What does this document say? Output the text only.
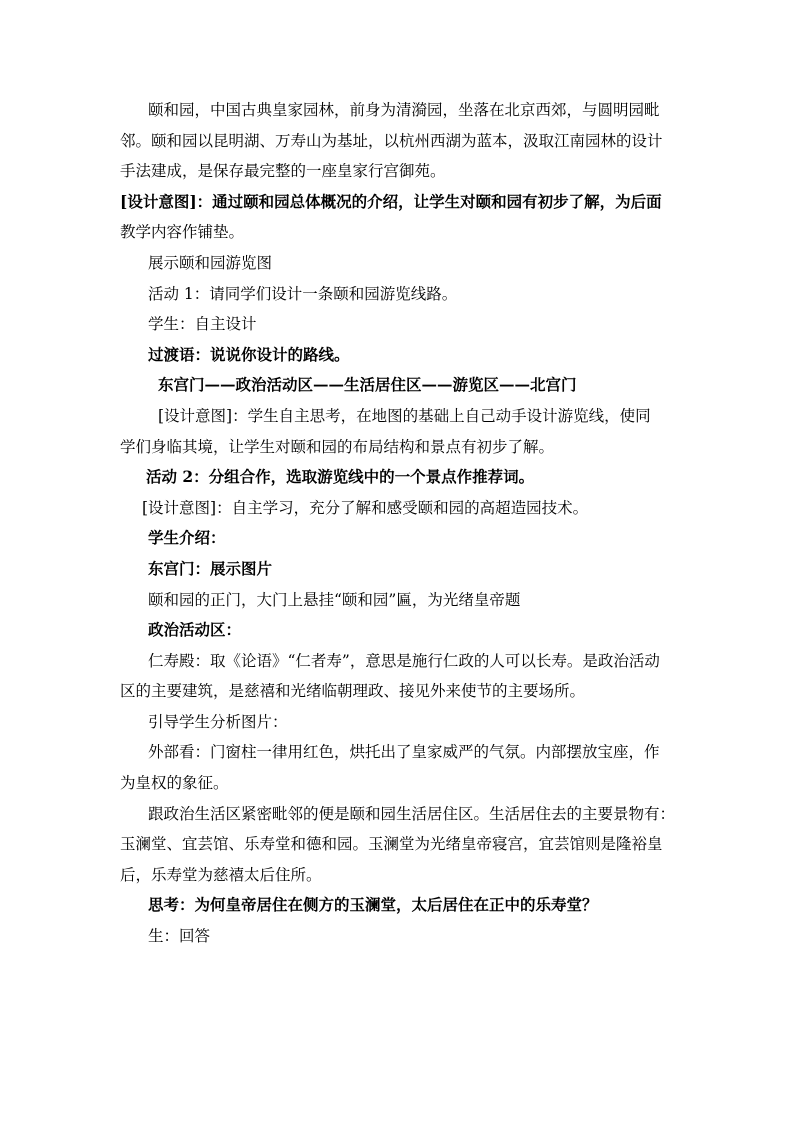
颐和园，中国古典皇家园林，前身为清漪园，坐落在北京西郊，与圆明园毗
邻。颐和园以昆明湖、万寿山为基址，以杭州西湖为蓝本，汲取江南园林的设计
手法建成，是保存最完整的一座皇家行宫御苑。
[设计意图]：通过颐和园总体概况的介绍，让学生对颐和园有初步了解，为后面
教学内容作铺垫。
展示颐和园游览图
活动 1：请同学们设计一条颐和园游览线路。
学生：自主设计
过渡语：说说你设计的路线。
东宫门——政治活动区——生活居住区——游览区——北宫门
[设计意图]：学生自主思考，在地图的基础上自己动手设计游览线，使同
学们身临其境，让学生对颐和园的布局结构和景点有初步了解。
活动 2：分组合作，选取游览线中的一个景点作推荐词。
[设计意图]：自主学习，充分了解和感受颐和园的高超造园技术。
学生介绍：
东宫门：展示图片
颐和园的正门，大门上悬挂“颐和园”匾，为光绪皇帝题
政治活动区：
仁寿殿：取《论语》“仁者寿”，意思是施行仁政的人可以长寿。是政治活动
区的主要建筑，是慈禧和光绪临朝理政、接见外来使节的主要场所。
引导学生分析图片：
外部看：门窗柱一律用红色，烘托出了皇家威严的气氛。内部摆放宝座，作
为皇权的象征。
跟政治生活区紧密毗邻的便是颐和园生活居住区。生活居住去的主要景物有：
玉澜堂、宜芸馆、乐寿堂和德和园。玉澜堂为光绪皇帝寝宫，宜芸馆则是隆裕皇
后，乐寿堂为慈禧太后住所。
思考：为何皇帝居住在侧方的玉澜堂，太后居住在正中的乐寿堂？
生：回答
